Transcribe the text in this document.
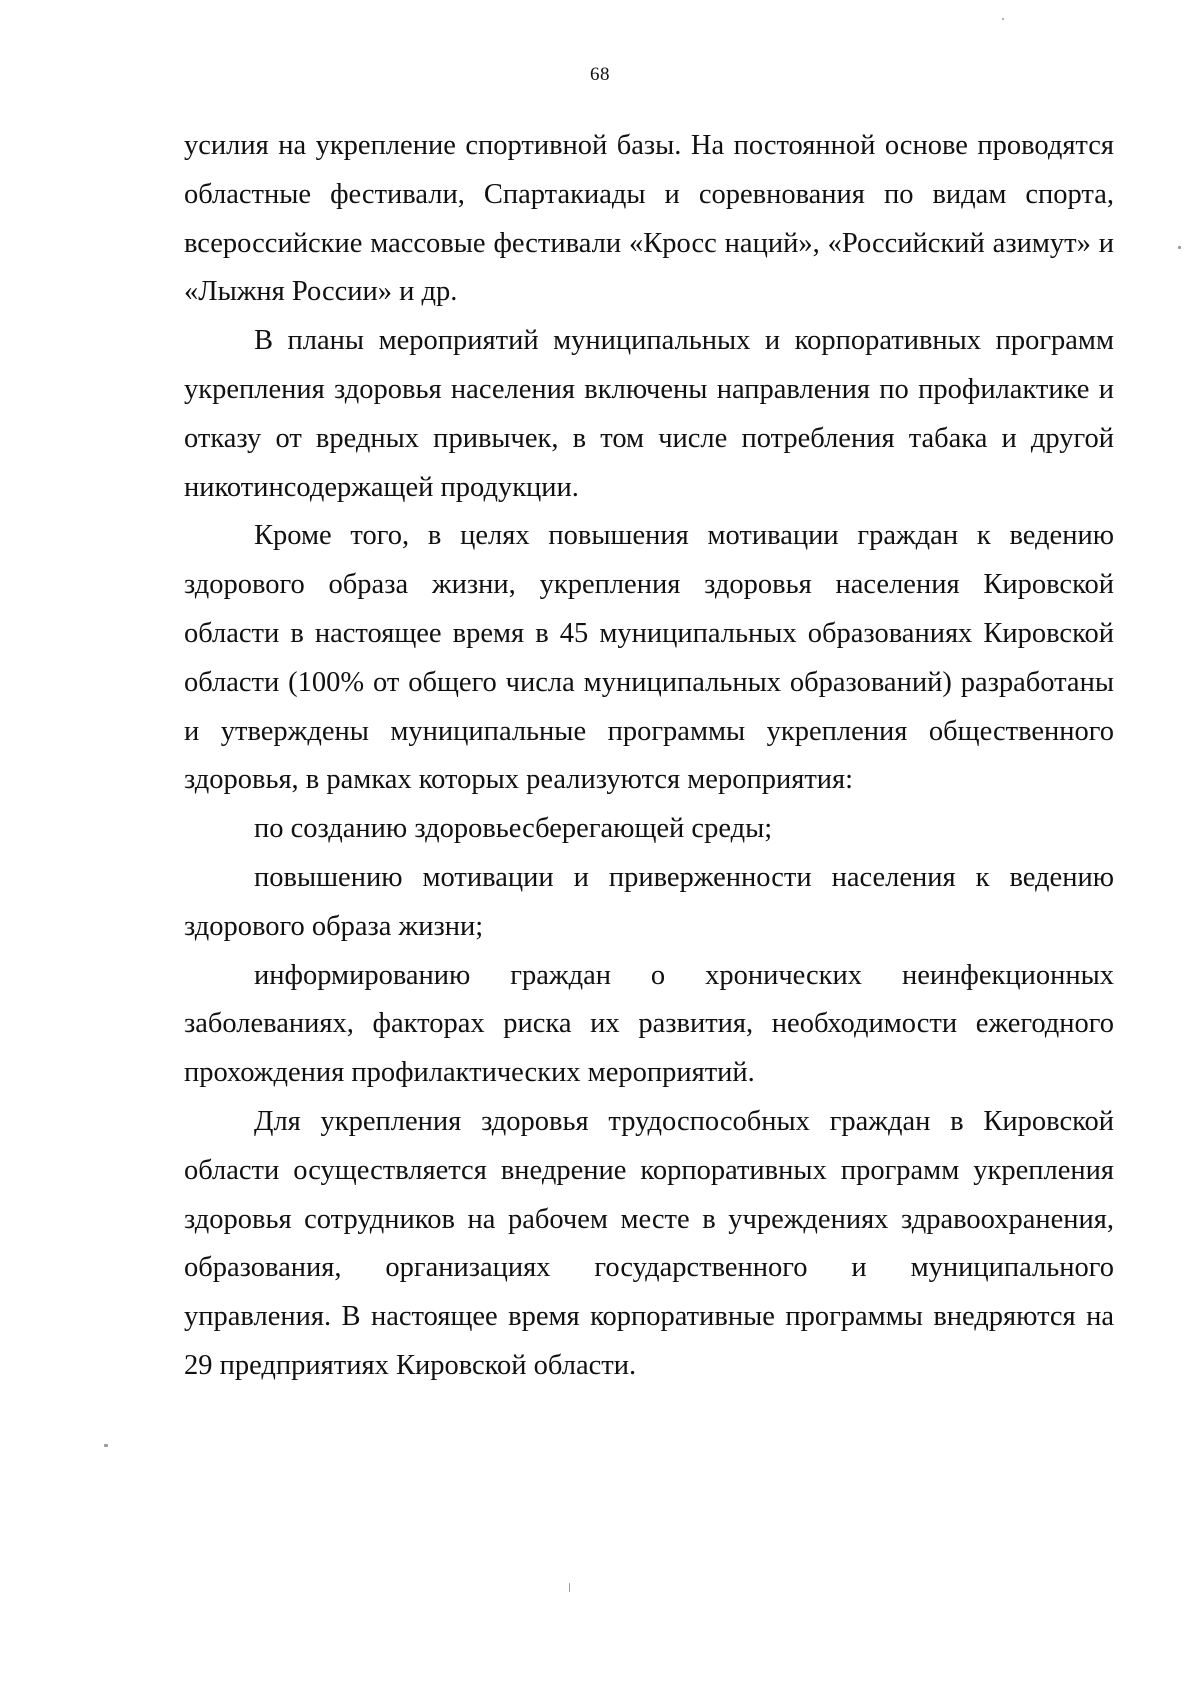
68

усилия на укрепление спортивной базы. На постоянной основе проводятся областные фестивали, Спартакиады и соревнования по видам спорта, всероссийские массовые фестивали «Кросс наций», «Российский азимут» и «Лыжня России» и др.

В планы мероприятий муниципальных и корпоративных программ укрепления здоровья населения включены направления по профилактике и отказу от вредных привычек, в том числе потребления табака и другой никотинсодержащей продукции.

Кроме того, в целях повышения мотивации граждан к ведению здорового образа жизни, укрепления здоровья населения Кировской области в настоящее время в 45 муниципальных образованиях Кировской области (100% от общего числа муниципальных образований) разработаны и утверждены муниципальные программы укрепления общественного здоровья, в рамках которых реализуются мероприятия:

по созданию здоровьесберегающей среды;

повышению мотивации и приверженности населения к ведению здорового образа жизни;

информированию граждан о хронических неинфекционных заболеваниях, факторах риска их развития, необходимости ежегодного прохождения профилактических мероприятий.

Для укрепления здоровья трудоспособных граждан в Кировской области осуществляется внедрение корпоративных программ укрепления здоровья сотрудников на рабочем месте в учреждениях здравоохранения, образования, организациях государственного и муниципального управления. В настоящее время корпоративные программы внедряются на 29 предприятиях Кировской области.
